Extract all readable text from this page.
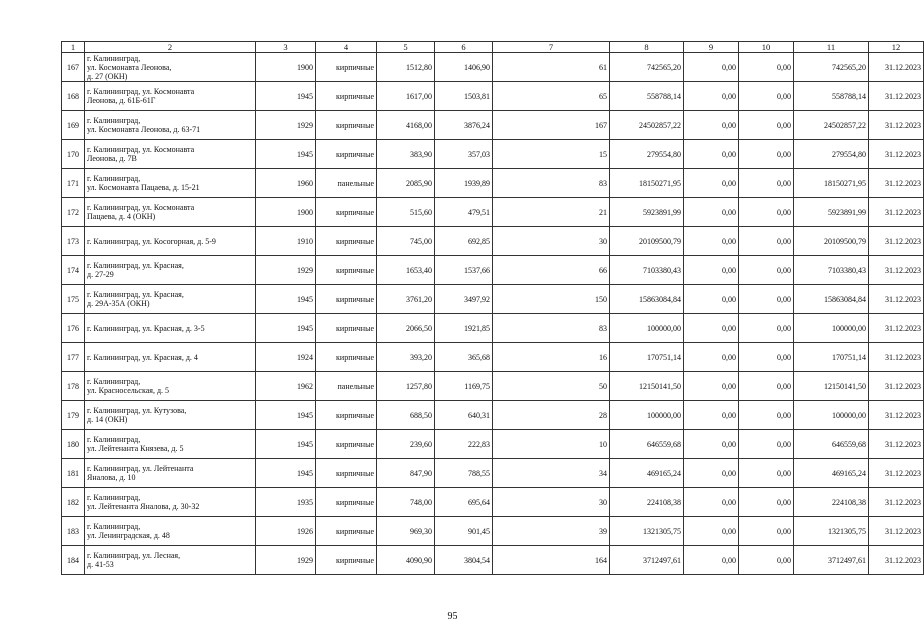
1	2	3	4	5	6	7	8	9	10	11	12
167	г. Калининград,
ул. Космонавта Леонова,
д. 27 (ОКН)	1900	кирпичные	1512,80	1406,90	61	742565,20	0,00	0,00	742565,20	31.12.2023
168	г. Калининград, ул. Космонавта
Леонова, д. 61Б-61Г	1945	кирпичные	1617,00	1503,81	65	558788,14	0,00	0,00	558788,14	31.12.2023
169	г. Калининград,
ул. Космонавта Леонова, д. 63-71	1929	кирпичные	4168,00	3876,24	167	24502857,22	0,00	0,00	24502857,22	31.12.2023
170	г. Калининград, ул. Космонавта
Леонова, д. 7В	1945	кирпичные	383,90	357,03	15	279554,80	0,00	0,00	279554,80	31.12.2023
171	г. Калининград,
ул. Космонавта Пацаева, д. 15-21	1960	панельные	2085,90	1939,89	83	18150271,95	0,00	0,00	18150271,95	31.12.2023
172	г. Калининград, ул. Космонавта
Пацаева, д. 4 (ОКН)	1900	кирпичные	515,60	479,51	21	5923891,99	0,00	0,00	5923891,99	31.12.2023
173	г. Калининград, ул. Косогорная, д. 5-9	1910	кирпичные	745,00	692,85	30	20109500,79	0,00	0,00	20109500,79	31.12.2023
174	г. Калининград, ул. Красная,
д. 27-29	1929	кирпичные	1653,40	1537,66	66	7103380,43	0,00	0,00	7103380,43	31.12.2023
175	г. Калининград, ул. Красная,
д. 29А-35А (ОКН)	1945	кирпичные	3761,20	3497,92	150	15863084,84	0,00	0,00	15863084,84	31.12.2023
176	г. Калининград, ул. Красная, д. 3-5	1945	кирпичные	2066,50	1921,85	83	100000,00	0,00	0,00	100000,00	31.12.2023
177	г. Калининград, ул. Красная, д. 4	1924	кирпичные	393,20	365,68	16	170751,14	0,00	0,00	170751,14	31.12.2023
178	г. Калининград,
ул. Красносельская, д. 5	1962	панельные	1257,80	1169,75	50	12150141,50	0,00	0,00	12150141,50	31.12.2023
179	г. Калининград, ул. Кутузова,
д. 14 (ОКН)	1945	кирпичные	688,50	640,31	28	100000,00	0,00	0,00	100000,00	31.12.2023
180	г. Калининград,
ул. Лейтенанта Князева, д. 5	1945	кирпичные	239,60	222,83	10	646559,68	0,00	0,00	646559,68	31.12.2023
181	г. Калининград, ул. Лейтенанта
Яналова, д. 10	1945	кирпичные	847,90	788,55	34	469165,24	0,00	0,00	469165,24	31.12.2023
182	г. Калининград,
ул. Лейтенанта Яналова, д. 30-32	1935	кирпичные	748,00	695,64	30	224108,38	0,00	0,00	224108,38	31.12.2023
183	г. Калининград,
ул. Ленинградская, д. 48	1926	кирпичные	969,30	901,45	39	1321305,75	0,00	0,00	1321305,75	31.12.2023
184	г. Калининград, ул. Лесная,
д. 41-53	1929	кирпичные	4090,90	3804,54	164	3712497,61	0,00	0,00	3712497,61	31.12.2023
95
